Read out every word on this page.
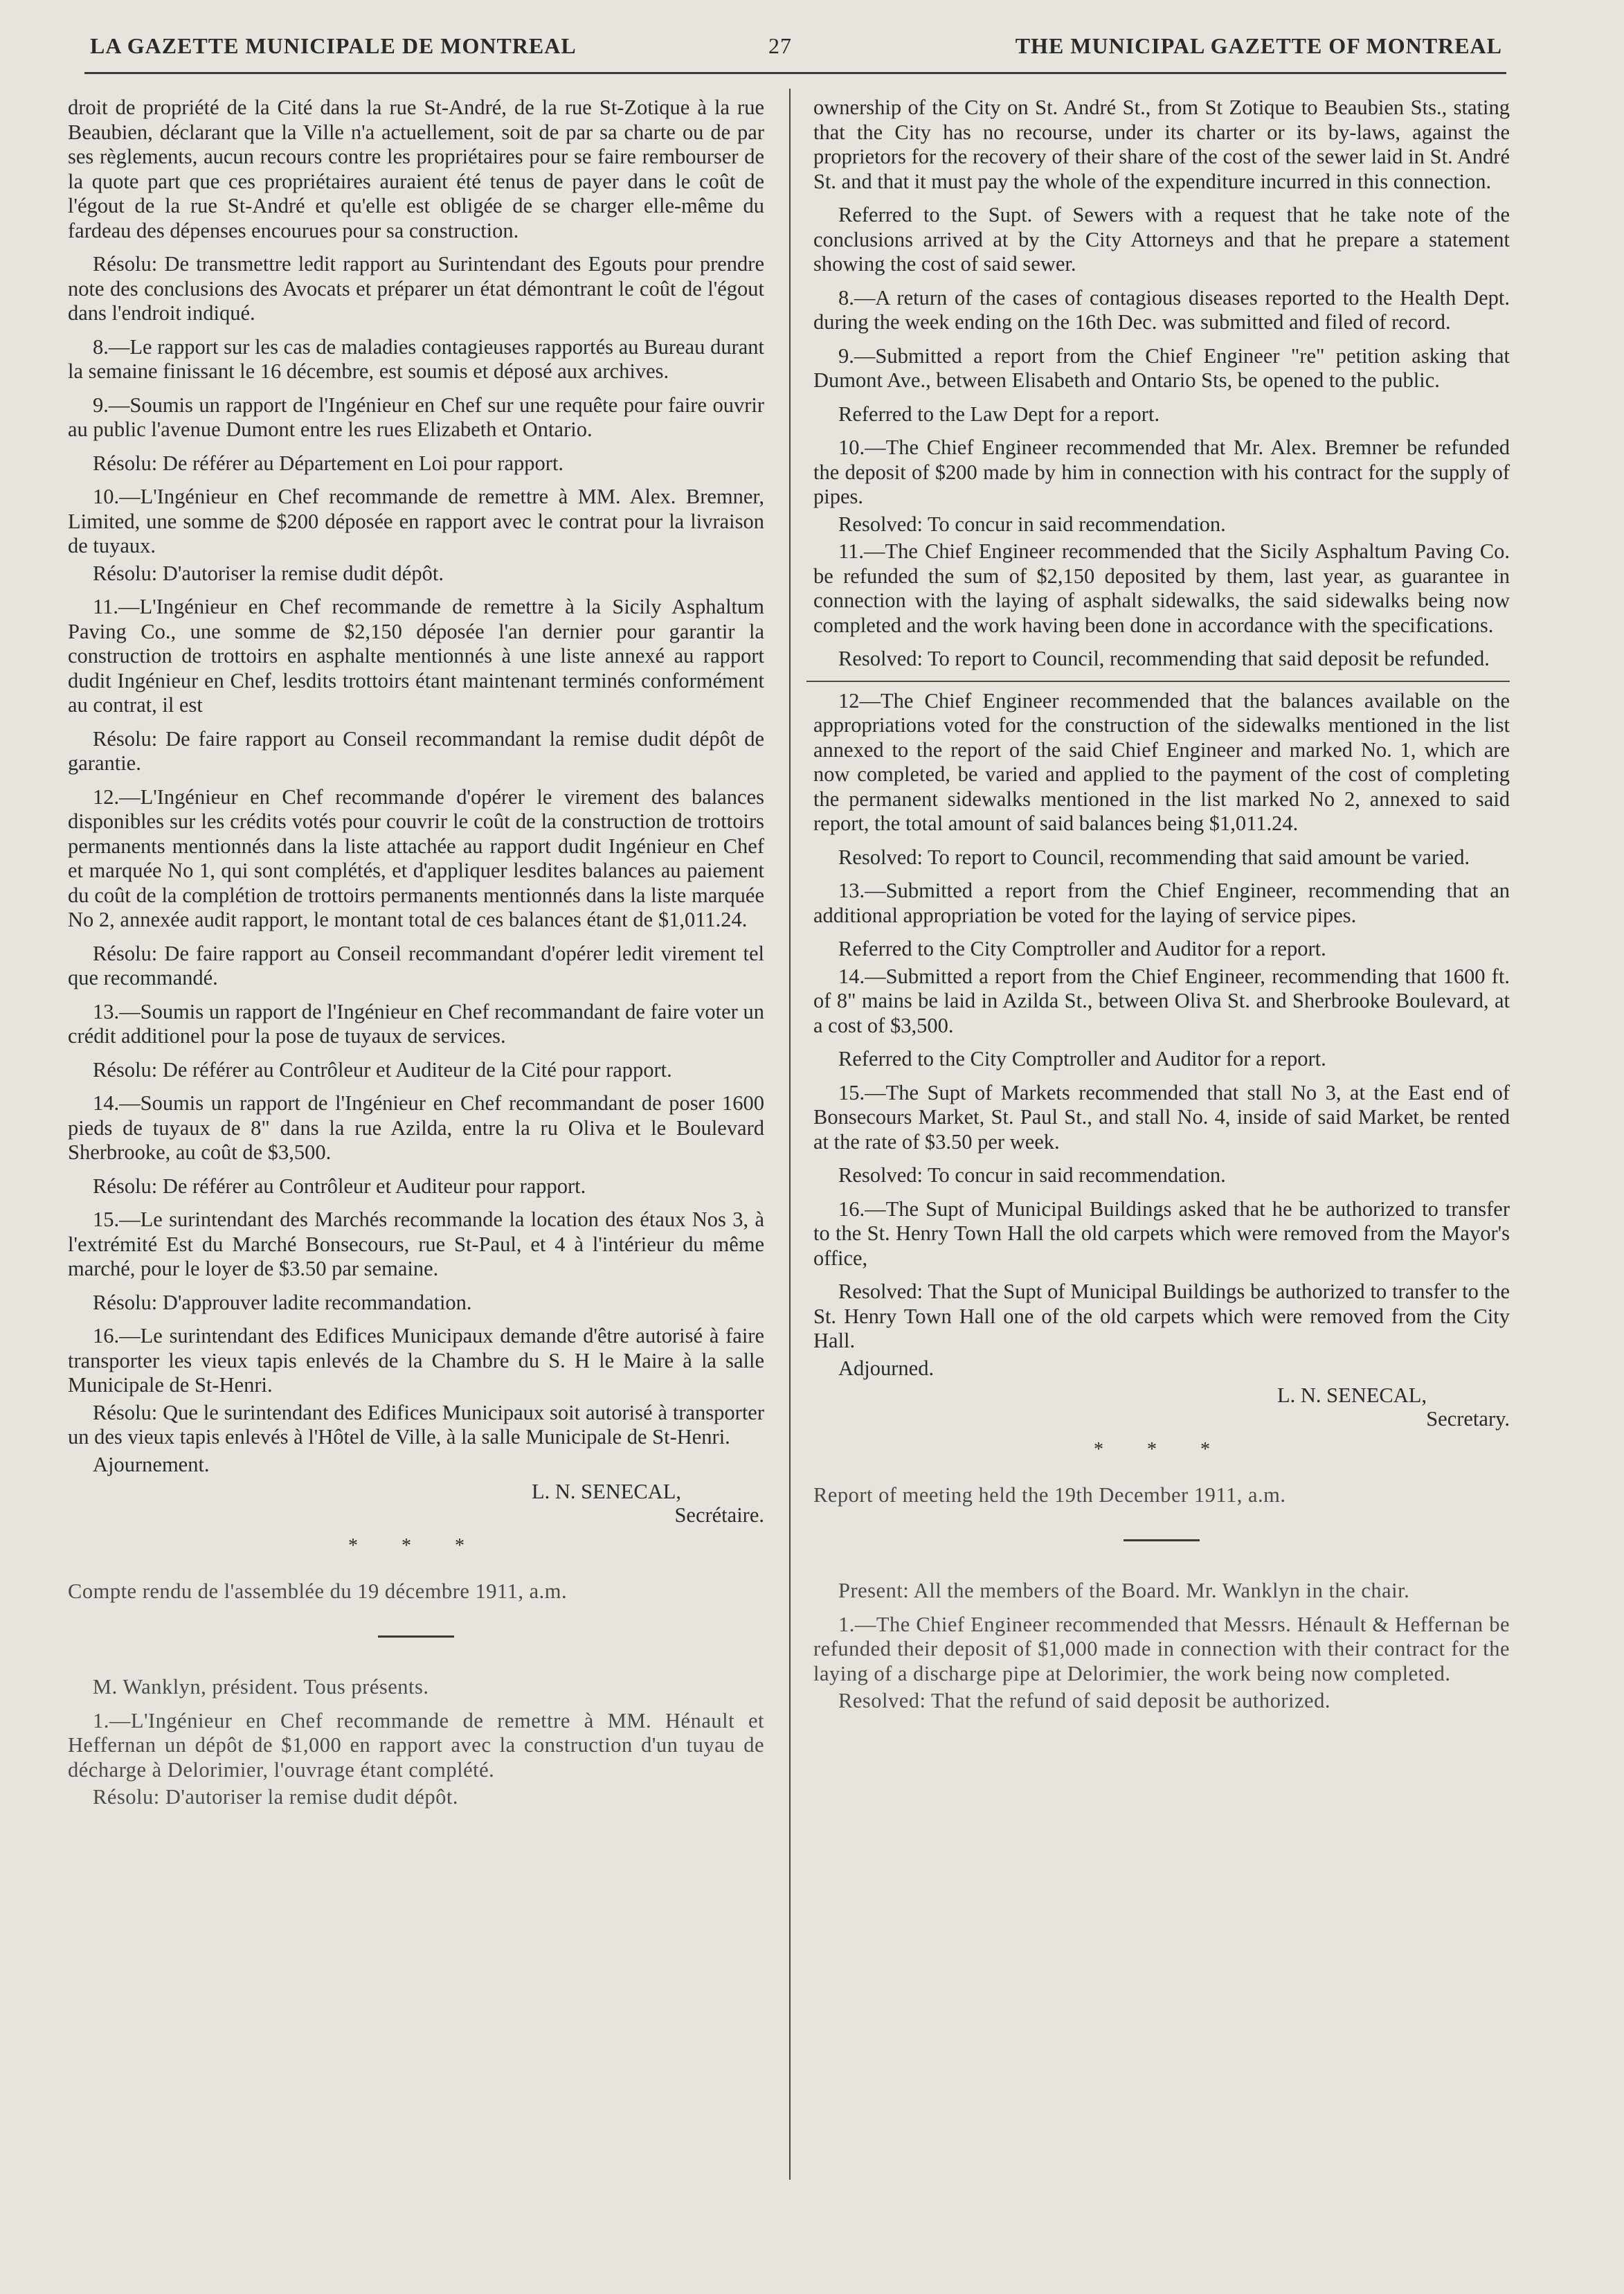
LA GAZETTE MUNICIPALE DE MONTREAL	27	THE MUNICIPAL GAZETTE OF MONTREAL

droit de propriété de la Cité dans la rue St-André, de la rue St-Zotique à la rue Beaubien, déclarant que la Ville n'a actuellement, soit de par sa charte ou de par ses règlements, aucun recours contre les propriétaires pour se faire rembourser de la quote part que ces propriétaires auraient été tenus de payer dans le coût de l'égout de la rue St-André et qu'elle est obligée de se charger elle-même du fardeau des dépenses encourues pour sa construction.

Résolu: De transmettre ledit rapport au Surintendant des Egouts pour prendre note des conclusions des Avocats et préparer un état démontrant le coût de l'égout dans l'endroit indiqué.

8.—Le rapport sur les cas de maladies contagieuses rapportés au Bureau durant la semaine finissant le 16 décembre, est soumis et déposé aux archives.

9.—Soumis un rapport de l'Ingénieur en Chef sur une requête pour faire ouvrir au public l'avenue Dumont entre les rues Elizabeth et Ontario.

Résolu: De référer au Département en Loi pour rapport.

10.—L'Ingénieur en Chef recommande de remettre à MM. Alex. Bremner, Limited, une somme de $200 déposée en rapport avec le contrat pour la livraison de tuyaux.

Résolu: D'autoriser la remise dudit dépôt.

11.—L'Ingénieur en Chef recommande de remettre à la Sicily Asphaltum Paving Co., une somme de $2,150 déposée l'an dernier pour garantir la construction de trottoirs en asphalte mentionnés à une liste annexé au rapport dudit Ingénieur en Chef, lesdits trottoirs étant maintenant terminés conformément au contrat, il est

Résolu: De faire rapport au Conseil recommandant la remise dudit dépôt de garantie.

12.—L'Ingénieur en Chef recommande d'opérer le virement des balances disponibles sur les crédits votés pour couvrir le coût de la construction de trottoirs permanents mentionnés dans la liste attachée au rapport dudit Ingénieur en Chef et marquée No 1, qui sont complétés, et d'appliquer lesdites balances au paiement du coût de la complétion de trottoirs permanents mentionnés dans la liste marquée No 2, annexée audit rapport, le montant total de ces balances étant de $1,011.24.

Résolu: De faire rapport au Conseil recommandant d'opérer ledit virement tel que recommandé.

13.—Soumis un rapport de l'Ingénieur en Chef recommandant de faire voter un crédit additionel pour la pose de tuyaux de services.

Résolu: De référer au Contrôleur et Auditeur de la Cité pour rapport.

14.—Soumis un rapport de l'Ingénieur en Chef recommandant de poser 1600 pieds de tuyaux de 8" dans la rue Azilda, entre la ru Oliva et le Boulevard Sherbrooke, au coût de $3,500.

Résolu: De référer au Contrôleur et Auditeur pour rapport.

15.—Le surintendant des Marchés recommande la location des étaux Nos 3, à l'extrémité Est du Marché Bonsecours, rue St-Paul, et 4 à l'intérieur du même marché, pour le loyer de $3.50 par semaine.

Résolu: D'approuver ladite recommandation.

16.—Le surintendant des Edifices Municipaux demande d'être autorisé à faire transporter les vieux tapis enlevés de la Chambre du S. H le Maire à la salle Municipale de St-Henri.

Résolu: Que le surintendant des Edifices Municipaux soit autorisé à transporter un des vieux tapis enlevés à l'Hôtel de Ville, à la salle Municipale de St-Henri.

Ajournement.

L. N. SENECAL,
Secrétaire.
* * *

Compte rendu de l'assemblée du 19 décembre 1911, a.m.

M. Wanklyn, président. Tous présents.

1.—L'Ingénieur en Chef recommande de remettre à MM. Hénault et Heffernan un dépôt de $1,000 en rapport avec la construction d'un tuyau de décharge à Delorimier, l'ouvrage étant complété.

Résolu: D'autoriser la remise dudit dépôt.

ownership of the City on St. André St., from St Zotique to Beaubien Sts., stating that the City has no recourse, under its charter or its by-laws, against the proprietors for the recovery of their share of the cost of the sewer laid in St. André St. and that it must pay the whole of the expenditure incurred in this connection.

Referred to the Supt. of Sewers with a request that he take note of the conclusions arrived at by the City Attorneys and that he prepare a statement showing the cost of said sewer.

8.—A return of the cases of contagious diseases reported to the Health Dept. during the week ending on the 16th Dec. was submitted and filed of record.

9.—Submitted a report from the Chief Engineer "re" petition asking that Dumont Ave., between Elisabeth and Ontario Sts, be opened to the public.

Referred to the Law Dept for a report.

10.—The Chief Engineer recommended that Mr. Alex. Bremner be refunded the deposit of $200 made by him in connection with his contract for the supply of pipes.

Resolved: To concur in said recommendation.

11.—The Chief Engineer recommended that the Sicily Asphaltum Paving Co. be refunded the sum of $2,150 deposited by them, last year, as guarantee in connection with the laying of asphalt sidewalks, the said sidewalks being now completed and the work having been done in accordance with the specifications.

Resolved: To report to Council, recommending that said deposit be refunded.

12—The Chief Engineer recommended that the balances available on the appropriations voted for the construction of the sidewalks mentioned in the list annexed to the report of the said Chief Engineer and marked No. 1, which are now completed, be varied and applied to the payment of the cost of completing the permanent sidewalks mentioned in the list marked No 2, annexed to said report, the total amount of said balances being $1,011.24.

Resolved: To report to Council, recommending that said amount be varied.

13.—Submitted a report from the Chief Engineer, recommending that an additional appropriation be voted for the laying of service pipes.

Referred to the City Comptroller and Auditor for a report.

14.—Submitted a report from the Chief Engineer, recommending that 1600 ft. of 8" mains be laid in Azilda St., between Oliva St. and Sherbrooke Boulevard, at a cost of $3,500.

Referred to the City Comptroller and Auditor for a report.

15.—The Supt of Markets recommended that stall No 3, at the East end of Bonsecours Market, St. Paul St., and stall No. 4, inside of said Market, be rented at the rate of $3.50 per week.

Resolved: To concur in said recommendation.

16.—The Supt of Municipal Buildings asked that he be authorized to transfer to the St. Henry Town Hall the old carpets which were removed from the Mayor's office,

Resolved: That the Supt of Municipal Buildings be authorized to transfer to the St. Henry Town Hall one of the old carpets which were removed from the City Hall.

Adjourned.

L. N. SENECAL,
Secretary.
* * *

Report of meeting held the 19th December 1911, a.m.

Present: All the members of the Board. Mr. Wanklyn in the chair.

1.—The Chief Engineer recommended that Messrs. Hénault & Heffernan be refunded their deposit of $1,000 made in connection with their contract for the laying of a discharge pipe at Delorimier, the work being now completed.

Resolved: That the refund of said deposit be authorized.
